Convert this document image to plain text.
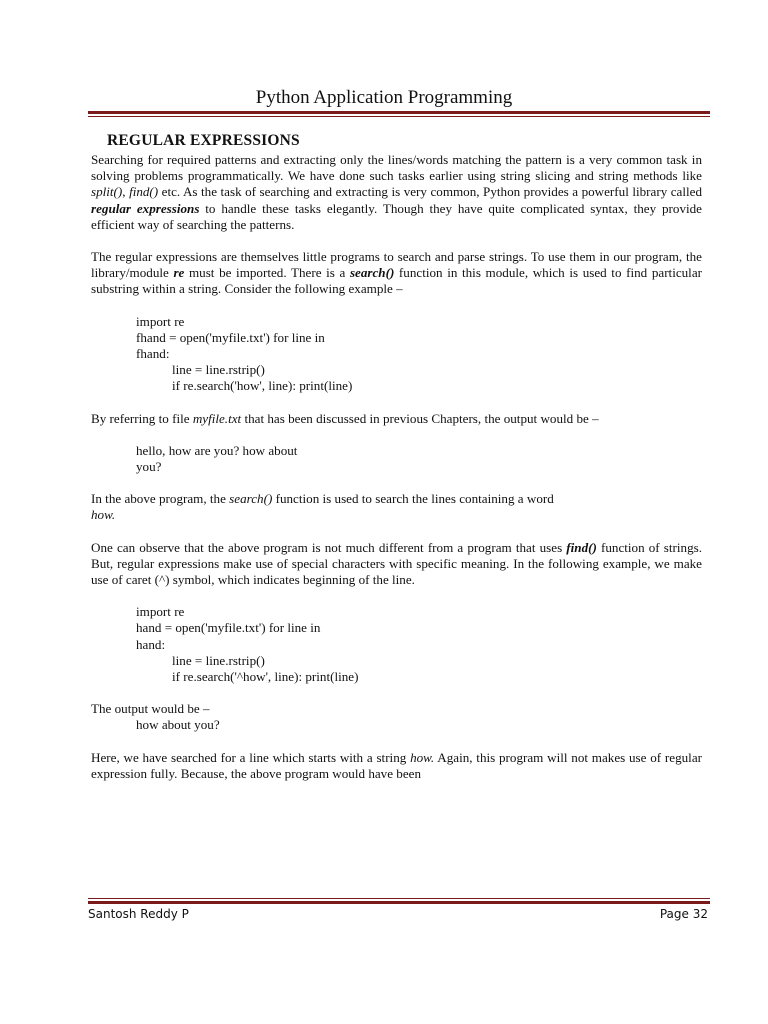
Python Application Programming
REGULAR EXPRESSIONS

Searching for required patterns and extracting only the lines/words matching the pattern is a very common task in solving problems programmatically. We have done such tasks earlier using string slicing and string methods like split(), find() etc. As the task of searching and extracting is very common, Python provides a powerful library called regular expressions to handle these tasks elegantly. Though they have quite complicated syntax, they provide efficient way of searching the patterns.

The regular expressions are themselves little programs to search and parse strings. To use them in our program, the library/module re must be imported. There is a search() function in this module, which is used to find particular substring within a string. Consider the following example –

import re
fhand = open('myfile.txt') for line in
fhand:
line = line.rstrip()
if re.search('how', line): print(line)

By referring to file myfile.txt that has been discussed in previous Chapters, the output would be –

hello, how are you? how about
you?

In the above program, the search() function is used to search the lines containing a word
how.

One can observe that the above program is not much different from a program that uses find() function of strings. But, regular expressions make use of special characters with specific meaning. In the following example, we make use of caret (^) symbol, which indicates beginning of the line.

import re
hand = open('myfile.txt') for line in
hand:
line = line.rstrip()
if re.search('^how', line): print(line)
The output would be –
how about you?

Here, we have searched for a line which starts with a string how. Again, this program will not makes use of regular expression fully. Because, the above program would have been

Santosh Reddy P	Page 32
